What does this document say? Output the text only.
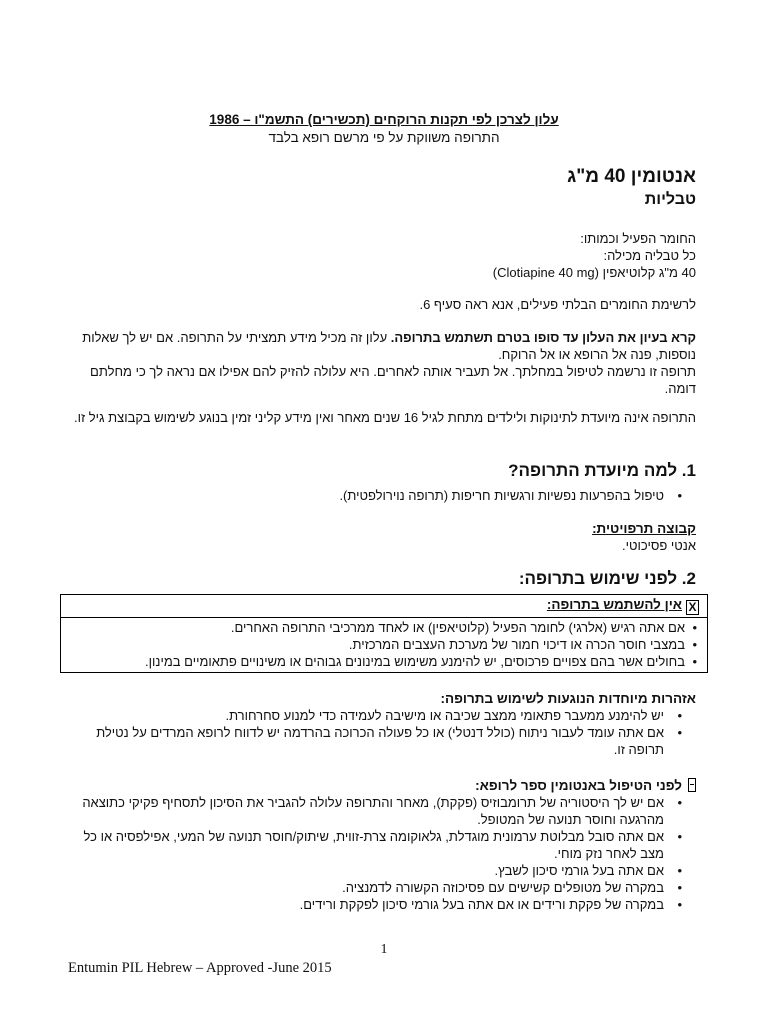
עלון לצרכן לפי תקנות הרוקחים (תכשירים) התשמ"ו – 1986
התרופה משווקת על פי מרשם רופא בלבד
אנטומין 40 מ"ג
טבליות
החומר הפעיל וכמותו:
כל טבליה מכילה:
40 מ"ג קלוטיאפין (Clotiapine 40 mg)
לרשימת החומרים הבלתי פעילים, אנא ראה סעיף 6.
קרא בעיון את העלון עד סופו בטרם תשתמש בתרופה. עלון זה מכיל מידע תמציתי על התרופה. אם יש לך שאלות נוספות, פנה אל הרופא או אל הרוקח.
תרופה זו נרשמה לטיפול במחלתך. אל תעביר אותה לאחרים. היא עלולה להזיק להם אפילו אם נראה לך כי מחלתם דומה.
התרופה אינה מיועדת לתינוקות ולילדים מתחת לגיל 16 שנים מאחר ואין מידע קליני זמין בנוגע לשימוש בקבוצת גיל זו.
1. למה מיועדת התרופה?
• טיפול בהפרעות נפשיות ורגשיות חריפות (תרופה נוירולפטית).
קבוצה תרפויטית:
אנטי פסיכוטי.
2. לפני שימוש בתרופה:
Xאין להשתמש בתרופה:
• אם אתה רגיש (אלרגי) לחומר הפעיל (קלוטיאפין) או לאחד ממרכיבי התרופה האחרים.
• במצבי חוסר הכרה או דיכוי חמור של מערכת העצבים המרכזית.
• בחולים אשר בהם צפויים פרכוסים, יש להימנע משימוש במינונים גבוהים או משינויים פתאומיים במינון.
אזהרות מיוחדות הנוגעות לשימוש בתרופה:
• יש להימנע ממעבר פתאומי ממצב שכיבה או מישיבה לעמידה כדי למנוע סחרחורת.
• אם אתה עומד לעבור ניתוח (כולל דנטלי) או כל פעולה הכרוכה בהרדמה יש לדווח לרופא המרדים על נטילת תרופה זו.
לפני הטיפול באנטומין ספר לרופא:
• אם יש לך היסטוריה של תרומבוזיס (פקקת), מאחר והתרופה עלולה להגביר את הסיכון לתסחיף פקיקי כתוצאה מהרגעה וחוסר תנועה של המטופל.
• אם אתה סובל מבלוטת ערמונית מוגדלת, גלאוקומה צרת-זווית, שיתוק/חוסר תנועה של המעי, אפילפסיה או כל מצב לאחר נזק מוחי.
• אם אתה בעל גורמי סיכון לשבץ.
• במקרה של מטופלים קשישים עם פסיכוזה הקשורה לדמנציה.
• במקרה של פקקת ורידים או אם אתה בעל גורמי סיכון לפקקת ורידים.
1
Entumin PIL Hebrew – Approved -June 2015
